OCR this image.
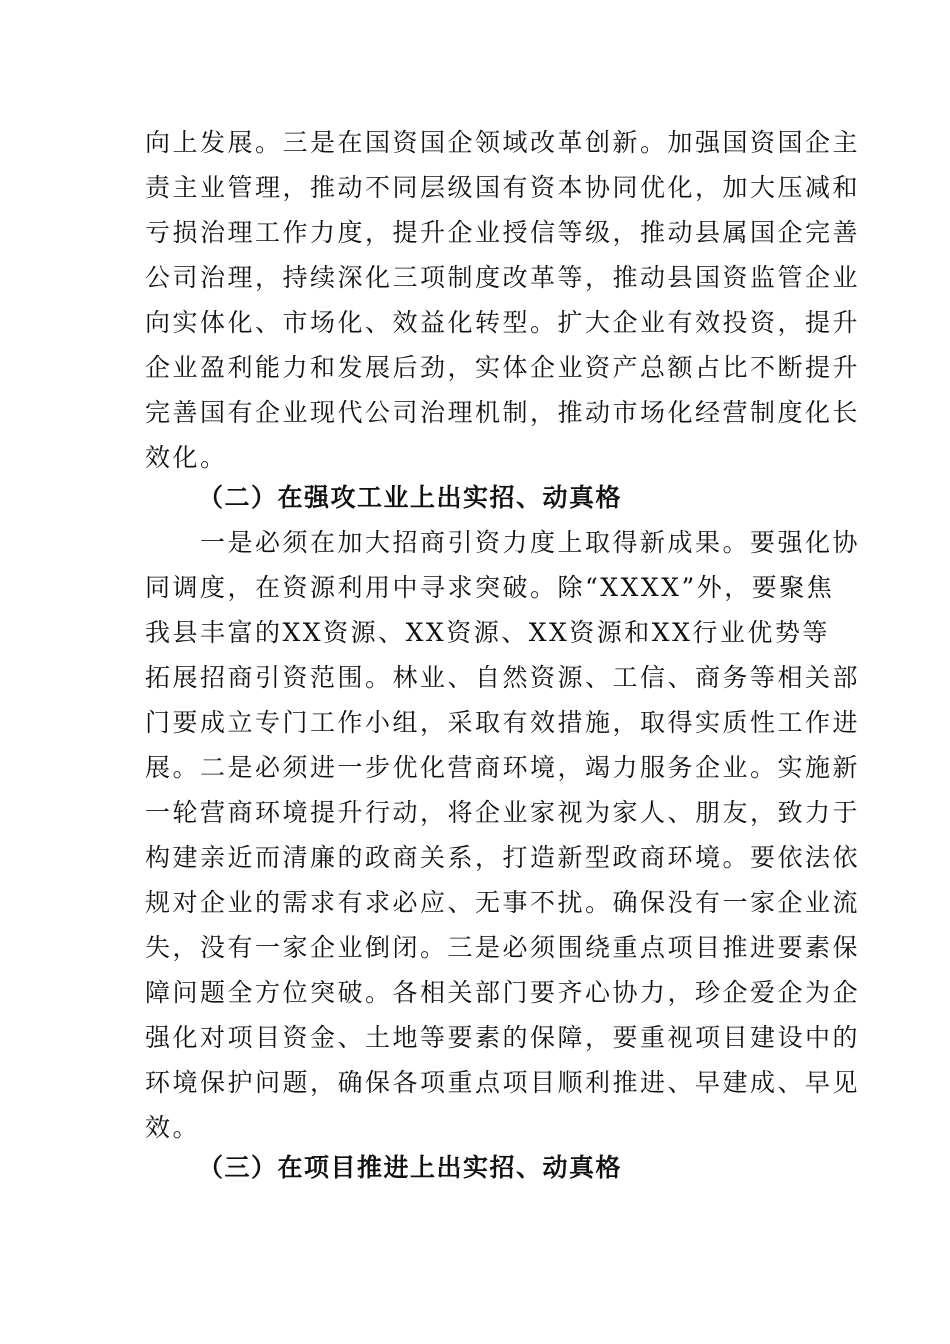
向上发展。三是在国资国企领域改革创新。加强国资国企主
责主业管理，推动不同层级国有资本协同优化，加大压减和
亏损治理工作力度，提升企业授信等级，推动县属国企完善
公司治理，持续深化三项制度改革等，推动县国资监管企业
向实体化、市场化、效益化转型。扩大企业有效投资，提升
企业盈利能力和发展后劲，实体企业资产总额占比不断提升
完善国有企业现代公司治理机制，推动市场化经营制度化长
效化。
（二）在强攻工业上出实招、动真格
　　一是必须在加大招商引资力度上取得新成果。要强化协
同调度，在资源利用中寻求突破。除“XXXX”外，要聚焦
我县丰富的XX资源、XX资源、XX资源和XX行业优势等
拓展招商引资范围。林业、自然资源、工信、商务等相关部
门要成立专门工作小组，采取有效措施，取得实质性工作进
展。二是必须进一步优化营商环境，竭力服务企业。实施新
一轮营商环境提升行动，将企业家视为家人、朋友，致力于
构建亲近而清廉的政商关系，打造新型政商环境。要依法依
规对企业的需求有求必应、无事不扰。确保没有一家企业流
失，没有一家企业倒闭。三是必须围绕重点项目推进要素保
障问题全方位突破。各相关部门要齐心协力，珍企爱企为企
强化对项目资金、土地等要素的保障，要重视项目建设中的
环境保护问题，确保各项重点项目顺利推进、早建成、早见
效。
（三）在项目推进上出实招、动真格
